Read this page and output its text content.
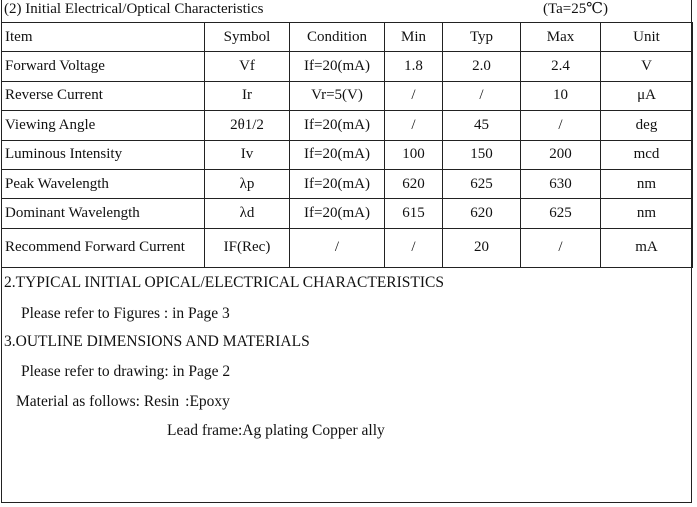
(2) Initial Electrical/Optical Characteristics	(Ta=25℃)
Item	Symbol	Condition	Min	Typ	Max	Unit
Forward Voltage	Vf	If=20(mA)	1.8	2.0	2.4	V
Reverse Current	Ir	Vr=5(V)	/	/	10	μA
Viewing Angle	2θ1/2	If=20(mA)	/	45	/	deg
Luminous Intensity	Iv	If=20(mA)	100	150	200	mcd
Peak Wavelength	λp	If=20(mA)	620	625	630	nm
Dominant Wavelength	λd	If=20(mA)	615	620	625	nm
Recommend Forward Current	IF(Rec)	/	/	20	/	mA
2.TYPICAL INITIAL OPICAL/ELECTRICAL CHARACTERISTICS
Please refer to Figures : in Page 3
3.OUTLINE DIMENSIONS AND MATERIALS
Please refer to drawing: in Page 2
Material as follows: Resin :Epoxy
Lead frame:Ag plating Copper ally
